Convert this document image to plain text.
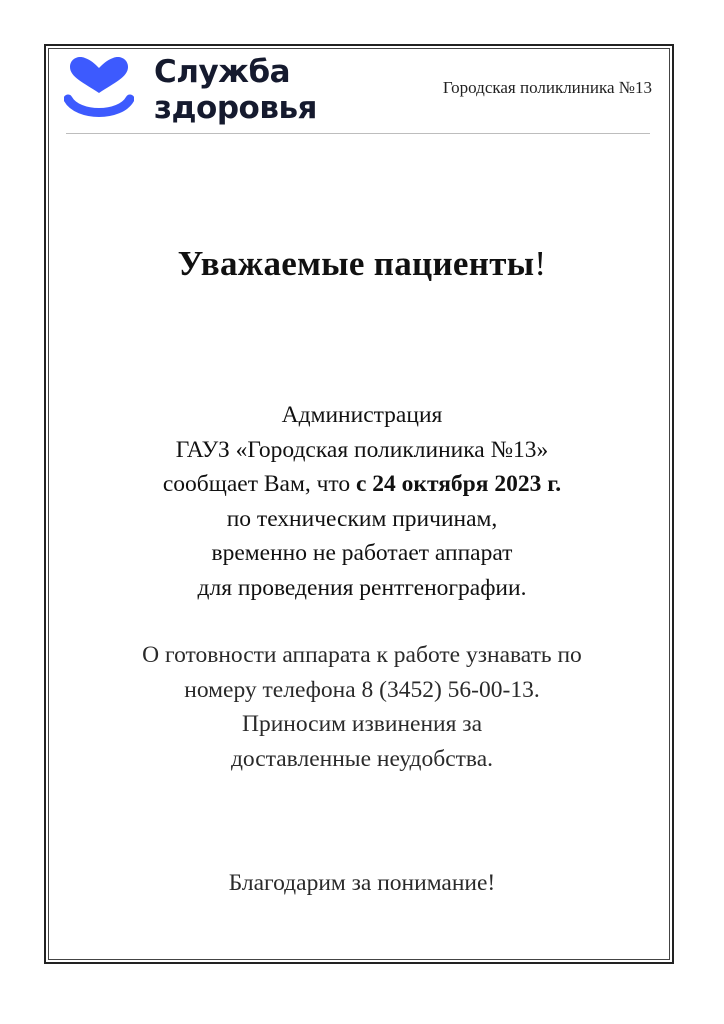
Служба
здоровья
Городская поликлиника №13
Уважаемые пациенты!
Администрация
ГАУЗ «Городская поликлиника №13»
сообщает Вам, что с 24 октября 2023 г.
по техническим причинам,
временно не работает аппарат
для проведения рентгенографии.
О готовности аппарата к работе узнавать по
номеру телефона 8 (3452) 56-00-13.
Приносим извинения за
доставленные неудобства.
Благодарим за понимание!
